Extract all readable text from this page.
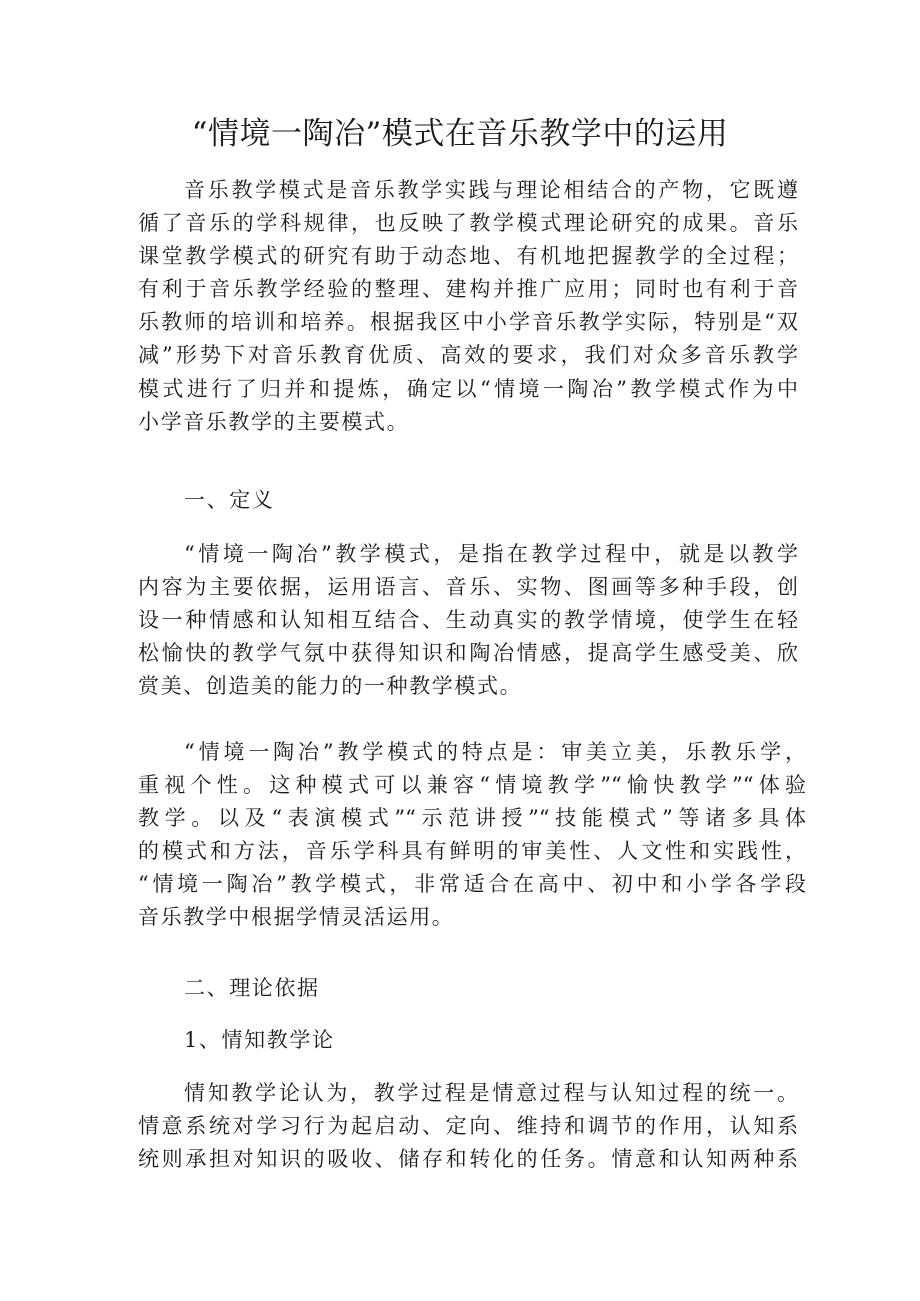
“情境一陶冶”模式在音乐教学中的运用
音乐教学模式是音乐教学实践与理论相结合的产物，它既遵
循了音乐的学科规律，也反映了教学模式理论研究的成果。音乐
课堂教学模式的研究有助于动态地、有机地把握教学的全过程；
有利于音乐教学经验的整理、建构并推广应用；同时也有利于音
乐教师的培训和培养。根据我区中小学音乐教学实际，特别是“双
减”形势下对音乐教育优质、高效的要求，我们对众多音乐教学
模式进行了归并和提炼，确定以“情境一陶冶”教学模式作为中
小学音乐教学的主要模式。
一、定义
“情境一陶冶”教学模式，是指在教学过程中，就是以教学
内容为主要依据，运用语言、音乐、实物、图画等多种手段，创
设一种情感和认知相互结合、生动真实的教学情境，使学生在轻
松愉快的教学气氛中获得知识和陶冶情感，提高学生感受美、欣
赏美、创造美的能力的一种教学模式。
“情境一陶冶”教学模式的特点是：审美立美，乐教乐学，
重视个性。这种模式可以兼容“情境教学”“愉快教学”“体验
教学。以及“表演模式”“示范讲授”“技能模式”等诸多具体
的模式和方法，音乐学科具有鲜明的审美性、人文性和实践性，
“情境一陶冶”教学模式，非常适合在高中、初中和小学各学段
音乐教学中根据学情灵活运用。
二、理论依据
1、情知教学论
情知教学论认为，教学过程是情意过程与认知过程的统一。
情意系统对学习行为起启动、定向、维持和调节的作用，认知系
统则承担对知识的吸收、储存和转化的任务。情意和认知两种系
